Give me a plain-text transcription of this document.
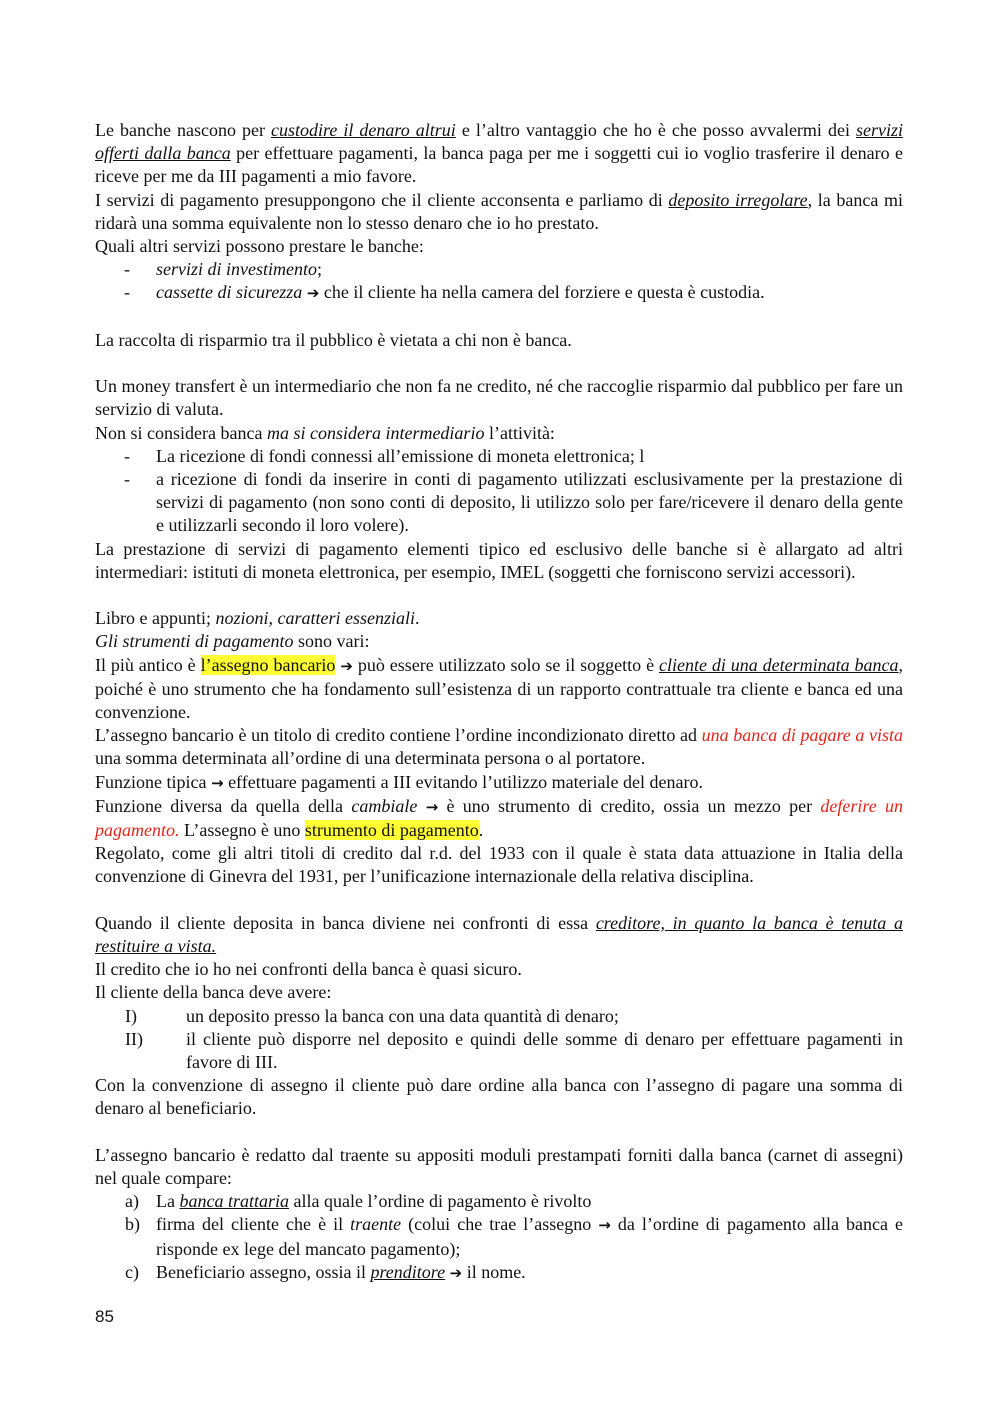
Le banche nascono per custodire il denaro altrui e l’altro vantaggio che ho è che posso avvalermi dei servizi offerti dalla banca per effettuare pagamenti, la banca paga per me i soggetti cui io voglio trasferire il denaro e riceve per me da III pagamenti a mio favore.

I servizi di pagamento presuppongono che il cliente acconsenta e parliamo di deposito irregolare, la banca mi ridarà una somma equivalente non lo stesso denaro che io ho prestato.

Quali altri servizi possono prestare le banche:

- servizi di investimento;
- cassette di sicurezza ➔ che il cliente ha nella camera del forziere e questa è custodia.

La raccolta di risparmio tra il pubblico è vietata a chi non è banca.

Un money transfert è un intermediario che non fa ne credito, né che raccoglie risparmio dal pubblico per fare un servizio di valuta.

Non si considera banca ma si considera intermediario l’attività:

- La ricezione di fondi connessi all’emissione di moneta elettronica; l
- a ricezione di fondi da inserire in conti di pagamento utilizzati esclusivamente per la prestazione di servizi di pagamento (non sono conti di deposito, li utilizzo solo per fare/ricevere il denaro della gente e utilizzarli secondo il loro volere).

La prestazione di servizi di pagamento elementi tipico ed esclusivo delle banche si è allargato ad altri intermediari: istituti di moneta elettronica, per esempio, IMEL (soggetti che forniscono servizi accessori).

Libro e appunti; nozioni, caratteri essenziali.

Gli strumenti di pagamento sono vari:

Il più antico è l’assegno bancario ➔ può essere utilizzato solo se il soggetto è cliente di una determinata banca, poiché è uno strumento che ha fondamento sull’esistenza di un rapporto contrattuale tra cliente e banca ed una convenzione.

L’assegno bancario è un titolo di credito contiene l’ordine incondizionato diretto ad una banca di pagare a vista una somma determinata all’ordine di una determinata persona o al portatore.

Funzione tipica → effettuare pagamenti a III evitando l’utilizzo materiale del denaro.

Funzione diversa da quella della cambiale → è uno strumento di credito, ossia un mezzo per deferire un pagamento. L’assegno è uno strumento di pagamento.

Regolato, come gli altri titoli di credito dal r.d. del 1933 con il quale è stata data attuazione in Italia della convenzione di Ginevra del 1931, per l’unificazione internazionale della relativa disciplina.

Quando il cliente deposita in banca diviene nei confronti di essa creditore, in quanto la banca è tenuta a restituire a vista.

Il credito che io ho nei confronti della banca è quasi sicuro.

Il cliente della banca deve avere:

I)	un deposito presso la banca con una data quantità di denaro;
II) il cliente può disporre nel deposito e quindi delle somme di denaro per effettuare pagamenti in favore di III.

Con la convenzione di assegno il cliente può dare ordine alla banca con l’assegno di pagare una somma di denaro al beneficiario.

L’assegno bancario è redatto dal traente su appositi moduli prestampati forniti dalla banca (carnet di assegni) nel quale compare:

a) La banca trattaria alla quale l’ordine di pagamento è rivolto
b) firma del cliente che è il traente (colui che trae l’assegno → da l’ordine di pagamento alla banca e risponde ex lege del mancato pagamento);
c) Beneficiario assegno, ossia il prenditore ➔ il nome.
85
